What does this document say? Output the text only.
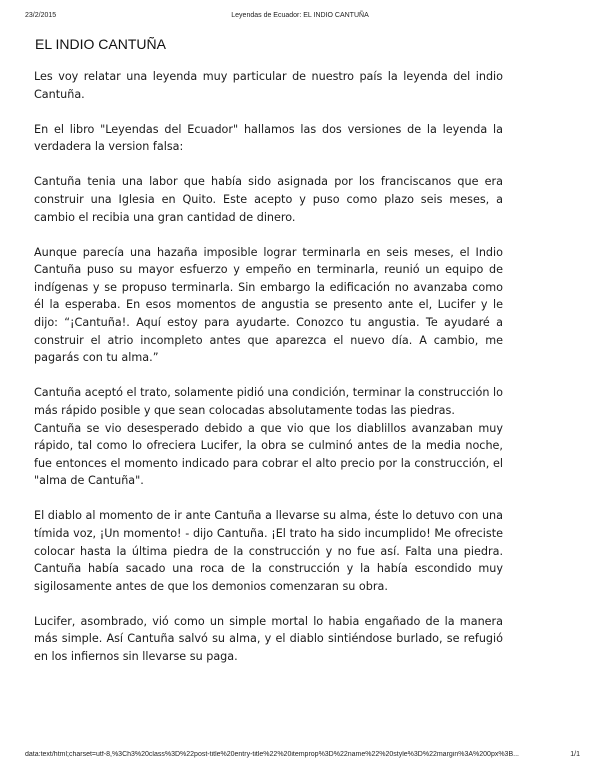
23/2/2015	Leyendas de Ecuador: EL INDIO CANTUÑA
EL INDIO CANTUÑA

Les voy relatar una leyenda muy particular de nuestro país la leyenda del indio Cantuña.

En el libro "Leyendas del Ecuador" hallamos las dos versiones de la leyenda la verdadera la version falsa:

Cantuña tenia una labor que había sido asignada por los franciscanos que era construir una Iglesia en Quito. Este acepto y puso como plazo seis meses, a cambio el recibia una gran cantidad de dinero.

Aunque parecía una hazaña imposible lograr terminarla en seis meses, el Indio Cantuña puso su mayor esfuerzo y empeño en terminarla, reunió un equipo de indígenas y se propuso terminarla. Sin embargo la edificación no avanzaba como él la esperaba. En esos momentos de angustia se presento ante el, Lucifer y le dijo: “¡Cantuña!. Aquí estoy para ayudarte. Conozco tu angustia. Te ayudaré a construir el atrio incompleto antes que aparezca el nuevo día. A cambio, me pagarás con tu alma.”

Cantuña aceptó el trato, solamente pidió una condición, terminar la construcción lo más rápido posible y que sean colocadas absolutamente todas las piedras.

Cantuña se vio desesperado debido a que vio que los diablillos avanzaban muy rápido, tal como lo ofreciera Lucifer, la obra se culminó antes de la media noche, fue entonces el momento indicado para cobrar el alto precio por la construcción, el "alma de Cantuña".

El diablo al momento de ir ante Cantuña a llevarse su alma, éste lo detuvo con una tímida voz, ¡Un momento! - dijo Cantuña. ¡El trato ha sido incumplido! Me ofreciste colocar hasta la última piedra de la construcción y no fue así. Falta una piedra. Cantuña había sacado una roca de la construcción y la había escondido muy sigilosamente antes de que los demonios comenzaran su obra.

Lucifer, asombrado, vió como un simple mortal lo habia engañado de la manera más simple. Así Cantuña salvó su alma, y el diablo sintiéndose burlado, se refugió en los infiernos sin llevarse su paga.

data:text/html;charset=utf-8,%3Ch3%20class%3D%22post-title%20entry-title%22%20itemprop%3D%22name%22%20style%3D%22margin%3A%200px%3B...	1/1
